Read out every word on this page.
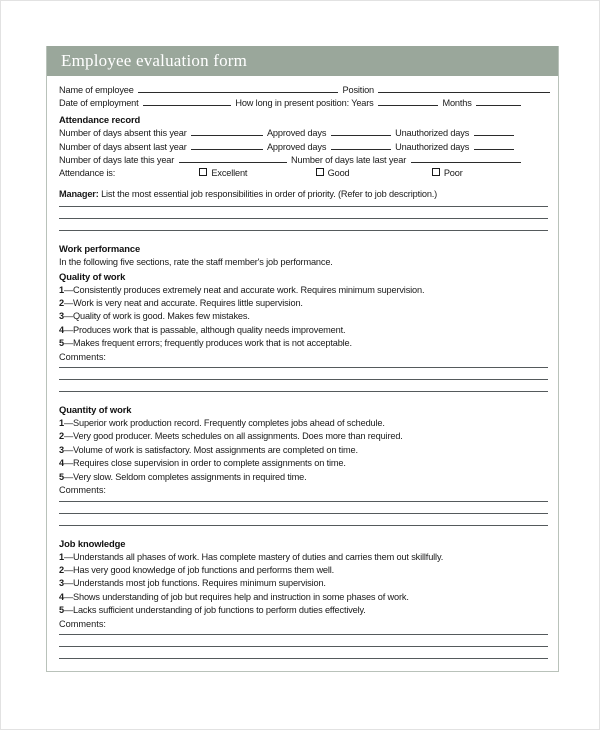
Employee evaluation form
Name of employee	Position
Date of employment	How long in present position: Years	Months
Attendance record
Number of days absent this year	Approved days	Unauthorized days
Number of days absent last year	Approved days	Unauthorized days
Number of days late this year	Number of days late last year
Attendance is:	Excellent	Good	Poor
Manager: List the most essential job responsibilities in order of priority. (Refer to job description.)
Work performance
In the following five sections, rate the staff member's job performance.
Quality of work
1—Consistently produces extremely neat and accurate work. Requires minimum supervision.
2—Work is very neat and accurate. Requires little supervision.
3—Quality of work is good. Makes few mistakes.
4—Produces work that is passable, although quality needs improvement.
5—Makes frequent errors; frequently produces work that is not acceptable.
Comments:
Quantity of work
1—Superior work production record. Frequently completes jobs ahead of schedule.
2—Very good producer. Meets schedules on all assignments. Does more than required.
3—Volume of work is satisfactory. Most assignments are completed on time.
4—Requires close supervision in order to complete assignments on time.
5—Very slow. Seldom completes assignments in required time.
Comments:
Job knowledge
1—Understands all phases of work. Has complete mastery of duties and carries them out skillfully.
2—Has very good knowledge of job functions and performs them well.
3—Understands most job functions. Requires minimum supervision.
4—Shows understanding of job but requires help and instruction in some phases of work.
5—Lacks sufficient understanding of job functions to perform duties effectively.
Comments:
